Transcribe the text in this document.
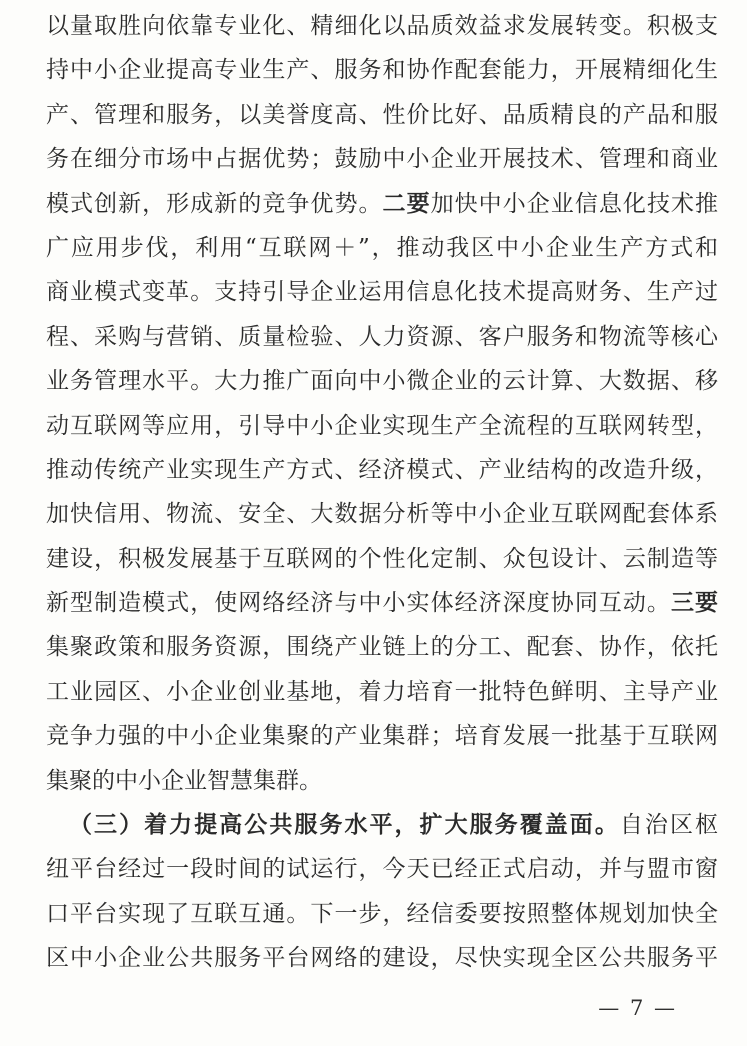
以量取胜向依靠专业化、精细化以品质效益求发展转变。积极支
持中小企业提高专业生产、服务和协作配套能力，开展精细化生
产、管理和服务，以美誉度高、性价比好、品质精良的产品和服
务在细分市场中占据优势；鼓励中小企业开展技术、管理和商业
模式创新，形成新的竞争优势。二要加快中小企业信息化技术推
广应用步伐，利用“互联网＋”，推动我区中小企业生产方式和
商业模式变革。支持引导企业运用信息化技术提高财务、生产过
程、采购与营销、质量检验、人力资源、客户服务和物流等核心
业务管理水平。大力推广面向中小微企业的云计算、大数据、移
动互联网等应用，引导中小企业实现生产全流程的互联网转型，
推动传统产业实现生产方式、经济模式、产业结构的改造升级，
加快信用、物流、安全、大数据分析等中小企业互联网配套体系
建设，积极发展基于互联网的个性化定制、众包设计、云制造等
新型制造模式，使网络经济与中小实体经济深度协同互动。三要
集聚政策和服务资源，围绕产业链上的分工、配套、协作，依托
工业园区、小企业创业基地，着力培育一批特色鲜明、主导产业
竞争力强的中小企业集聚的产业集群；培育发展一批基于互联网
集聚的中小企业智慧集群。
（三）着力提高公共服务水平，扩大服务覆盖面。自治区枢
纽平台经过一段时间的试运行，今天已经正式启动，并与盟市窗
口平台实现了互联互通。下一步，经信委要按照整体规划加快全
区中小企业公共服务平台网络的建设，尽快实现全区公共服务平
— 7 —
